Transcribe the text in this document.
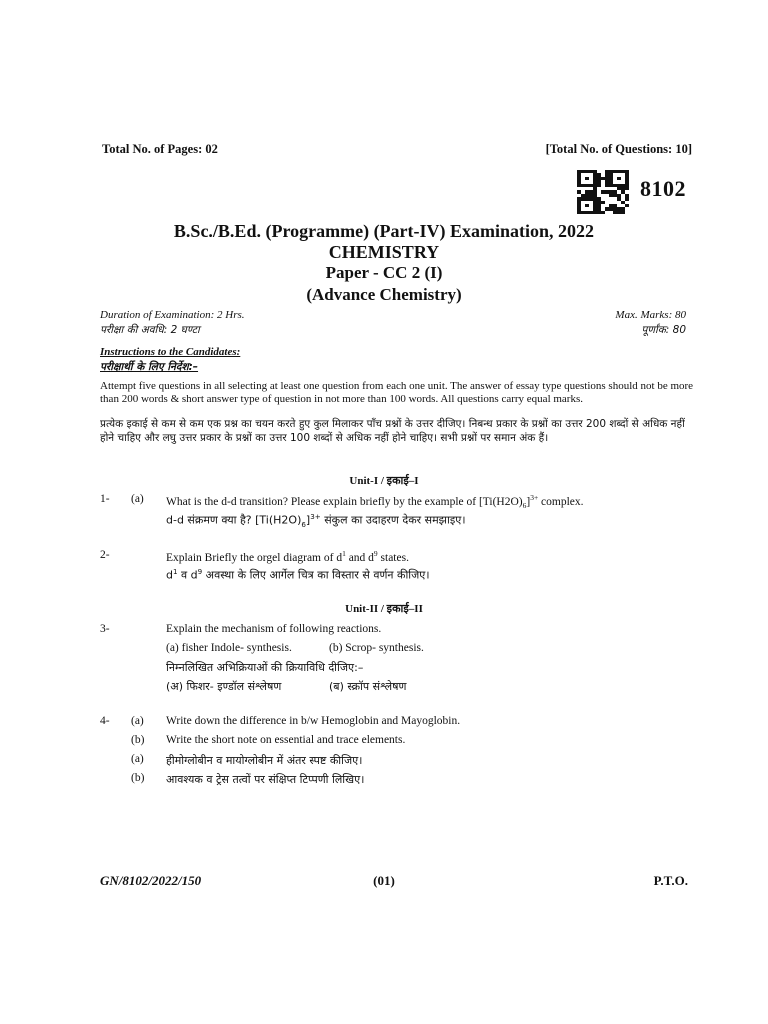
Total No. of Pages: 02	[Total No. of Questions: 10]
8102
B.Sc./B.Ed. (Programme) (Part-IV) Examination, 2022
CHEMISTRY
Paper - CC 2 (I)
(Advance Chemistry)
Duration of Examination: 2 Hrs.
परीक्षा की अवधि: 2 घण्टा
Max. Marks: 80
पूर्णांक: 80
Instructions to the Candidates:
परीक्षार्थी के लिए निर्देश:–
Attempt five questions in all selecting at least one question from each one unit. The answer of essay type questions should not be more than 200 words & short answer type of question in not more than 100 words. All questions carry equal marks.
प्रत्येक इकाई से कम से कम एक प्रश्न का चयन करते हुए कुल मिलाकर पाँच प्रश्नों के उत्तर दीजिए। निबन्ध प्रकार के प्रश्नों का उत्तर 200 शब्दों से अधिक नहीं होने चाहिए और लघु उत्तर प्रकार के प्रश्नों का उत्तर 100 शब्दों से अधिक नहीं होने चाहिए। सभी प्रश्नों पर समान अंक हैं।
Unit-I / इकाई–I
1- (a) What is the d-d transition? Please explain briefly by the example of $[Ti(H2O)_6]^{3+}$ complex.
d-d संक्रमण क्या है? $[Ti(H2O)_6]^{3+}$ संकुल का उदाहरण देकर समझाइए।
2-	Explain Briefly the orgel diagram of $d^1$ and $d^9$ states.
$d^1$ व $d^9$ अवस्था के लिए आर्गेल चित्र का विस्तार से वर्णन कीजिए।
Unit-II / इकाई–II
3-	Explain the mechanism of following reactions.
(a) fisher Indole- synthesis.	(b) Scrop- synthesis.
निम्नलिखित अभिक्रियाओं की क्रियाविधि दीजिए:–
(अ) फिशर- इण्डॉल संश्लेषण	(ब) स्क्रॉप संश्लेषण
4- (a) Write down the difference in b/w Hemoglobin and Mayoglobin.
(b) Write the short note on essential and trace elements.
(a) हीमोग्लोबीन व मायोग्लोबीन में अंतर स्पष्ट कीजिए।
(b) आवश्यक व ट्रेस तत्वों पर संक्षिप्त टिप्पणी लिखिए।
GN/8102/2022/150	(01)	P.T.O.
